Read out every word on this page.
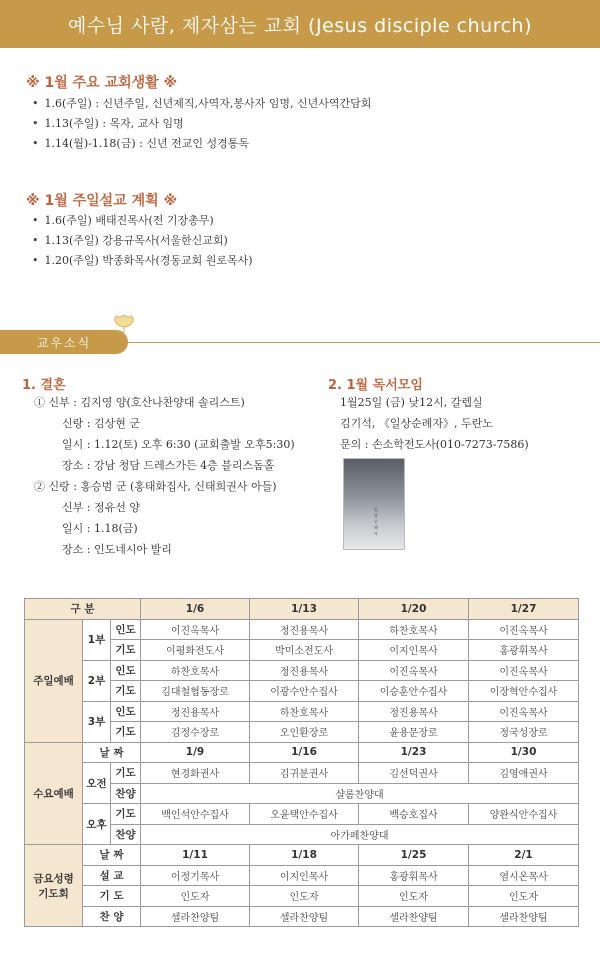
예수님 사람, 제자삼는 교회 (Jesus disciple church)
※ 1월 주요 교회생활 ※
• 1.6(주일) : 신년주일, 신년제직,사역자,봉사자 임명, 신년사역간담회
• 1.13(주일) : 목자, 교사 임명
• 1.14(월)-1.18(금) : 신년 전교인 성경통독
※ 1월 주일설교 계획 ※
• 1.6(주일) 배태진목사(전 기장총무)
• 1.13(주일) 강용규목사(서울한신교회)
• 1.20(주일) 박종화목사(경동교회 원로목사)
교우소식
1. 결혼
① 신부 : 김지영 양(호산나찬양대 솔리스트)
신랑 : 김상현 군
일시 : 1.12(토) 오후 6:30 (교회출발 오후5:30)
장소 : 강남 청담 드레스가든 4층 블리스돔홀
② 신랑 : 홍승범 군 (홍태화집사, 신태희권사 아들)
신부 : 정유선 양
일시 : 1.18(금)
장소 : 인도네시아 발리
2. 1월 독서모임
1월25일 (금) 낮12시, 갈렙실
김기석, 《일상순례자》, 두란노
문의 : 손소학전도사(010-7273-7586)
일상순례자
구 분			1/6	1/13	1/20	1/27
주일예배	1부	인도	이진옥목사	정진용목사	하찬호목사	이진옥목사
		기도	이평화전도사	박미소전도사	이지인목사	홍광휘목사
	2부	인도	하찬호목사	정진용목사	이진옥목사	이진옥목사
		기도	김대철협동장로	이광수안수집사	이승훈안수집사	이장혁안수집사
	3부	인도	정진용목사	하찬호목사	정진용목사	이진옥목사
		기도	김정수장로	오인환장로	윤용문장로	정국성장로
수요예배	날 짜		1/9	1/16	1/23	1/30
	오전	기도	현경화권사	김귀분권사	김선덕권사	김영애권사
		찬양	샬롬찬양대			
	오후	기도	백인석안수집사	오윤택안수집사	백승호집사	양완식안수집사
		찬양	아가페찬양대			

금요성령
기도회	날 짜		1/11	1/18	1/25	2/1
	설 교		이정기목사	이지인목사	홍광휘목사	염시온목사
	기 도		인도자	인도자	인도자	인도자
	찬 양		셀라찬양팀	셀라찬양팀	셀라찬양팀	셀라찬양팀
